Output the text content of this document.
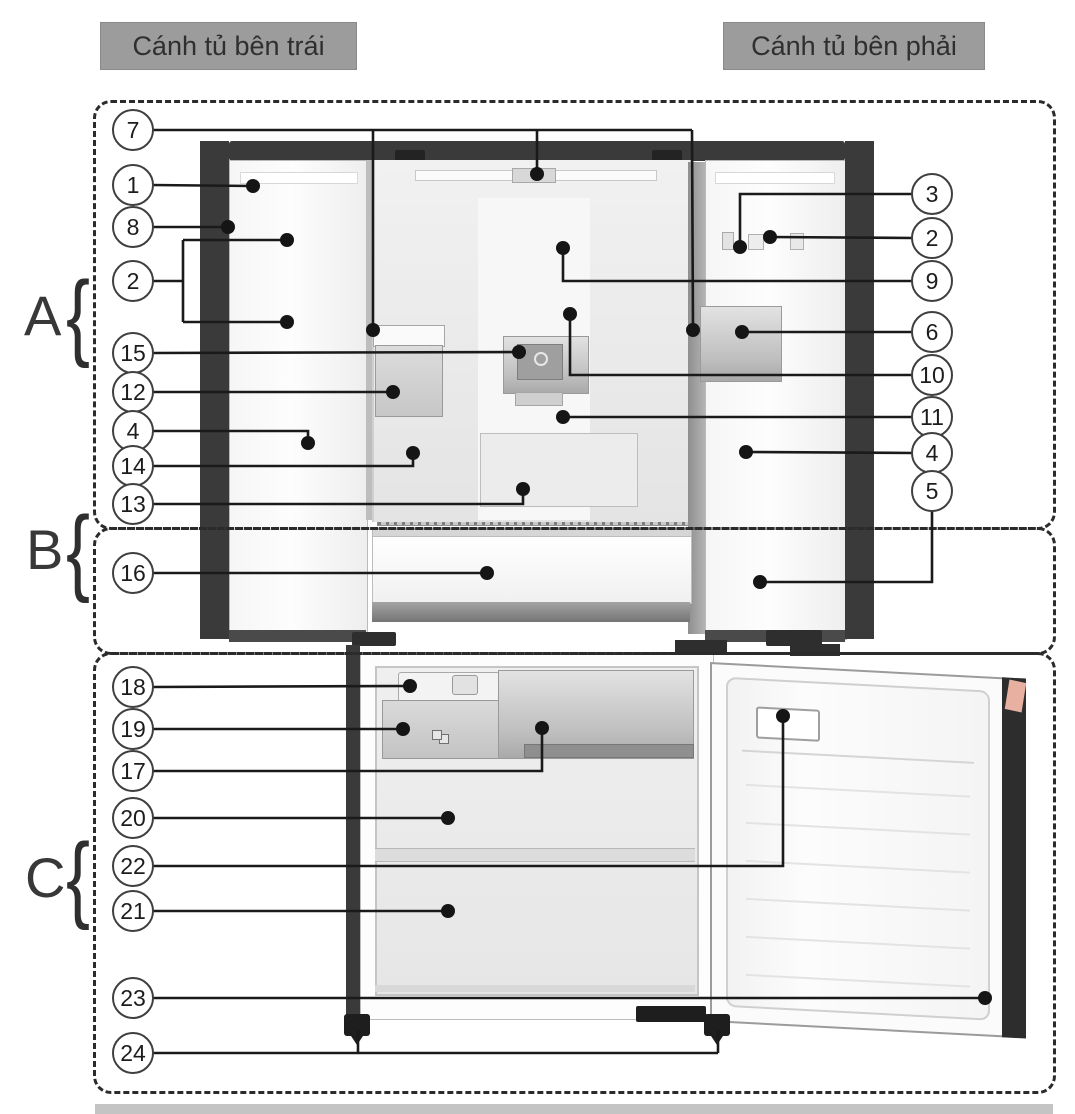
Cánh tủ bên trái	Cánh tủ bên phải
A {
B {
C {
7
1
8
2
15
12
4
14
13
16
18
19
17
20
22
21
23
24
3
2
9
6
10
11
4
5
